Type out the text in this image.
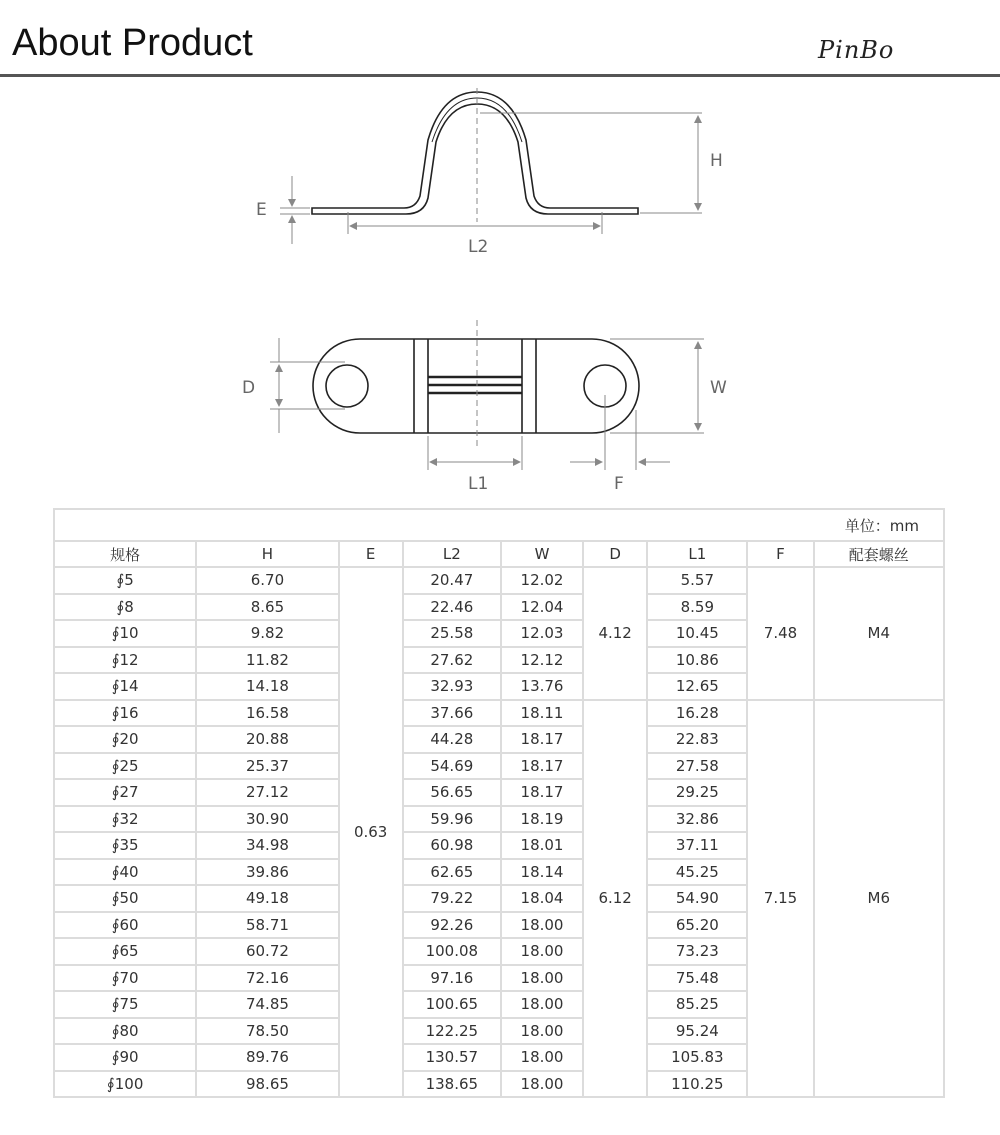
About Product	PinBo
E
H
L2
D	W
L1	F
单位：mm								
规格	H	E	L2	W	D	L1	F	配套螺丝
∮5	6.70	0.63	20.47	12.02	4.12	5.57	7.48	M4
∮8	8.65		22.46	12.04		8.59		
∮10	9.82		25.58	12.03		10.45		
∮12	11.82		27.62	12.12		10.86		
∮14	14.18		32.93	13.76		12.65		
∮16	16.58		37.66	18.11	6.12	16.28	7.15	M6
∮20	20.88		44.28	18.17		22.83		
∮25	25.37		54.69	18.17		27.58		
∮27	27.12		56.65	18.17		29.25		
∮32	30.90		59.96	18.19		32.86		
∮35	34.98		60.98	18.01		37.11		
∮40	39.86		62.65	18.14		45.25		
∮50	49.18		79.22	18.04		54.90		
∮60	58.71		92.26	18.00		65.20		
∮65	60.72		100.08	18.00		73.23		
∮70	72.16		97.16	18.00		75.48		
∮75	74.85		100.65	18.00		85.25		
∮80	78.50		122.25	18.00		95.24		
∮90	89.76		130.57	18.00		105.83		
∮100	98.65		138.65	18.00		110.25		
